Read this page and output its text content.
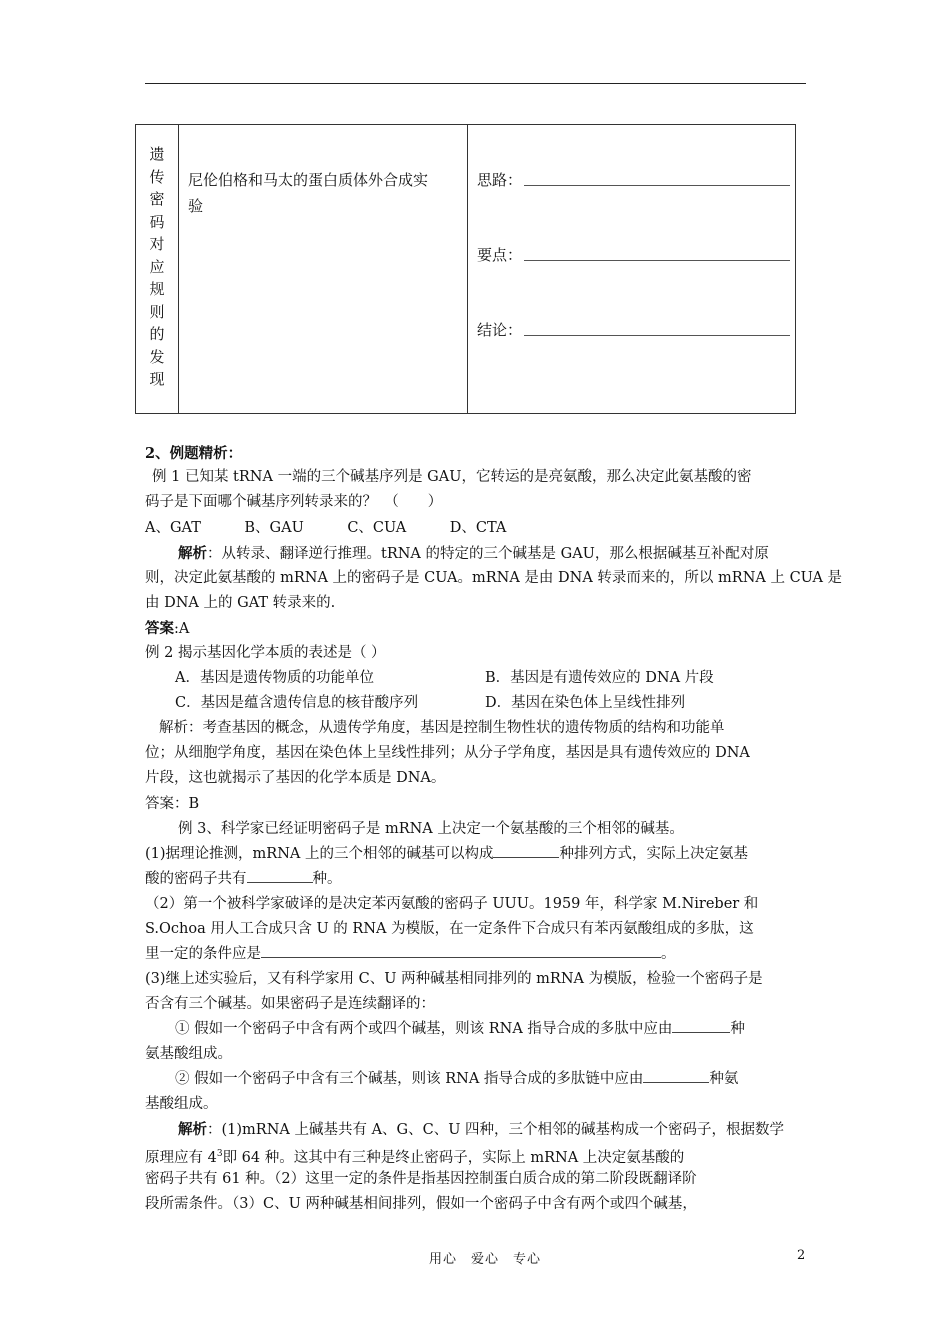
遗
传
密
码
对
应
规
则
的
发
现

尼伦伯格和马太的蛋白质体外合成实
验

思路：
要点：
结论：
2、例题精析：
例 1 已知某 tRNA 一端的三个碱基序列是 GAU，它转运的是亮氨酸，那么决定此氨基酸的密
码子是下面哪个碱基序列转录来的？　（　　）
A、GAT　　　B、GAU　　　C、CUA　　　D、CTA
解析：从转录、翻译逆行推理。tRNA 的特定的三个碱基是 GAU，那么根据碱基互补配对原
则，决定此氨基酸的 mRNA 上的密码子是 CUA。mRNA 是由 DNA 转录而来的，所以 mRNA 上 CUA 是
由 DNA 上的 GAT 转录来的.
答案:A
例 2 揭示基因化学本质的表述是（ ）
A．基因是遗传物质的功能单位	B．基因是有遗传效应的 DNA 片段
C．基因是蕴含遗传信息的核苷酸序列	D．基因在染色体上呈线性排列
解析：考查基因的概念，从遗传学角度，基因是控制生物性状的遗传物质的结构和功能单
位；从细胞学角度，基因在染色体上呈线性排列；从分子学角度，基因是具有遗传效应的 DNA
片段，这也就揭示了基因的化学本质是 DNA。
答案：B
例 3、科学家已经证明密码子是 mRNA 上决定一个氨基酸的三个相邻的碱基。
(1)据理论推测，mRNA 上的三个相邻的碱基可以构成	种排列方式，实际上决定氨基
酸的密码子共有	种。
（2）第一个被科学家破译的是决定苯丙氨酸的密码子 UUU。1959 年，科学家 M.Nireber 和
S.Ochoa 用人工合成只含 U 的 RNA 为模版，在一定条件下合成只有苯丙氨酸组成的多肽，这
里一定的条件应是	。
(3)继上述实验后，又有科学家用 C、U 两种碱基相同排列的 mRNA 为模版，检验一个密码子是
否含有三个碱基。如果密码子是连续翻译的：
① 假如一个密码子中含有两个或四个碱基，则该 RNA 指导合成的多肽中应由	种
氨基酸组成。
② 假如一个密码子中含有三个碱基，则该 RNA 指导合成的多肽链中应由	种氨
基酸组成。
解析：(1)mRNA 上碱基共有 A、G、C、U 四种，三个相邻的碱基构成一个密码子，根据数学
原理应有 $4^3$即 64 种。这其中有三种是终止密码子，实际上 mRNA 上决定氨基酸的
密码子共有 61 种。（2）这里一定的条件是指基因控制蛋白质合成的第二阶段既翻译阶
段所需条件。（3）C、U 两种碱基相间排列，假如一个密码子中含有两个或四个碱基，
用心　爱心　专心	2
